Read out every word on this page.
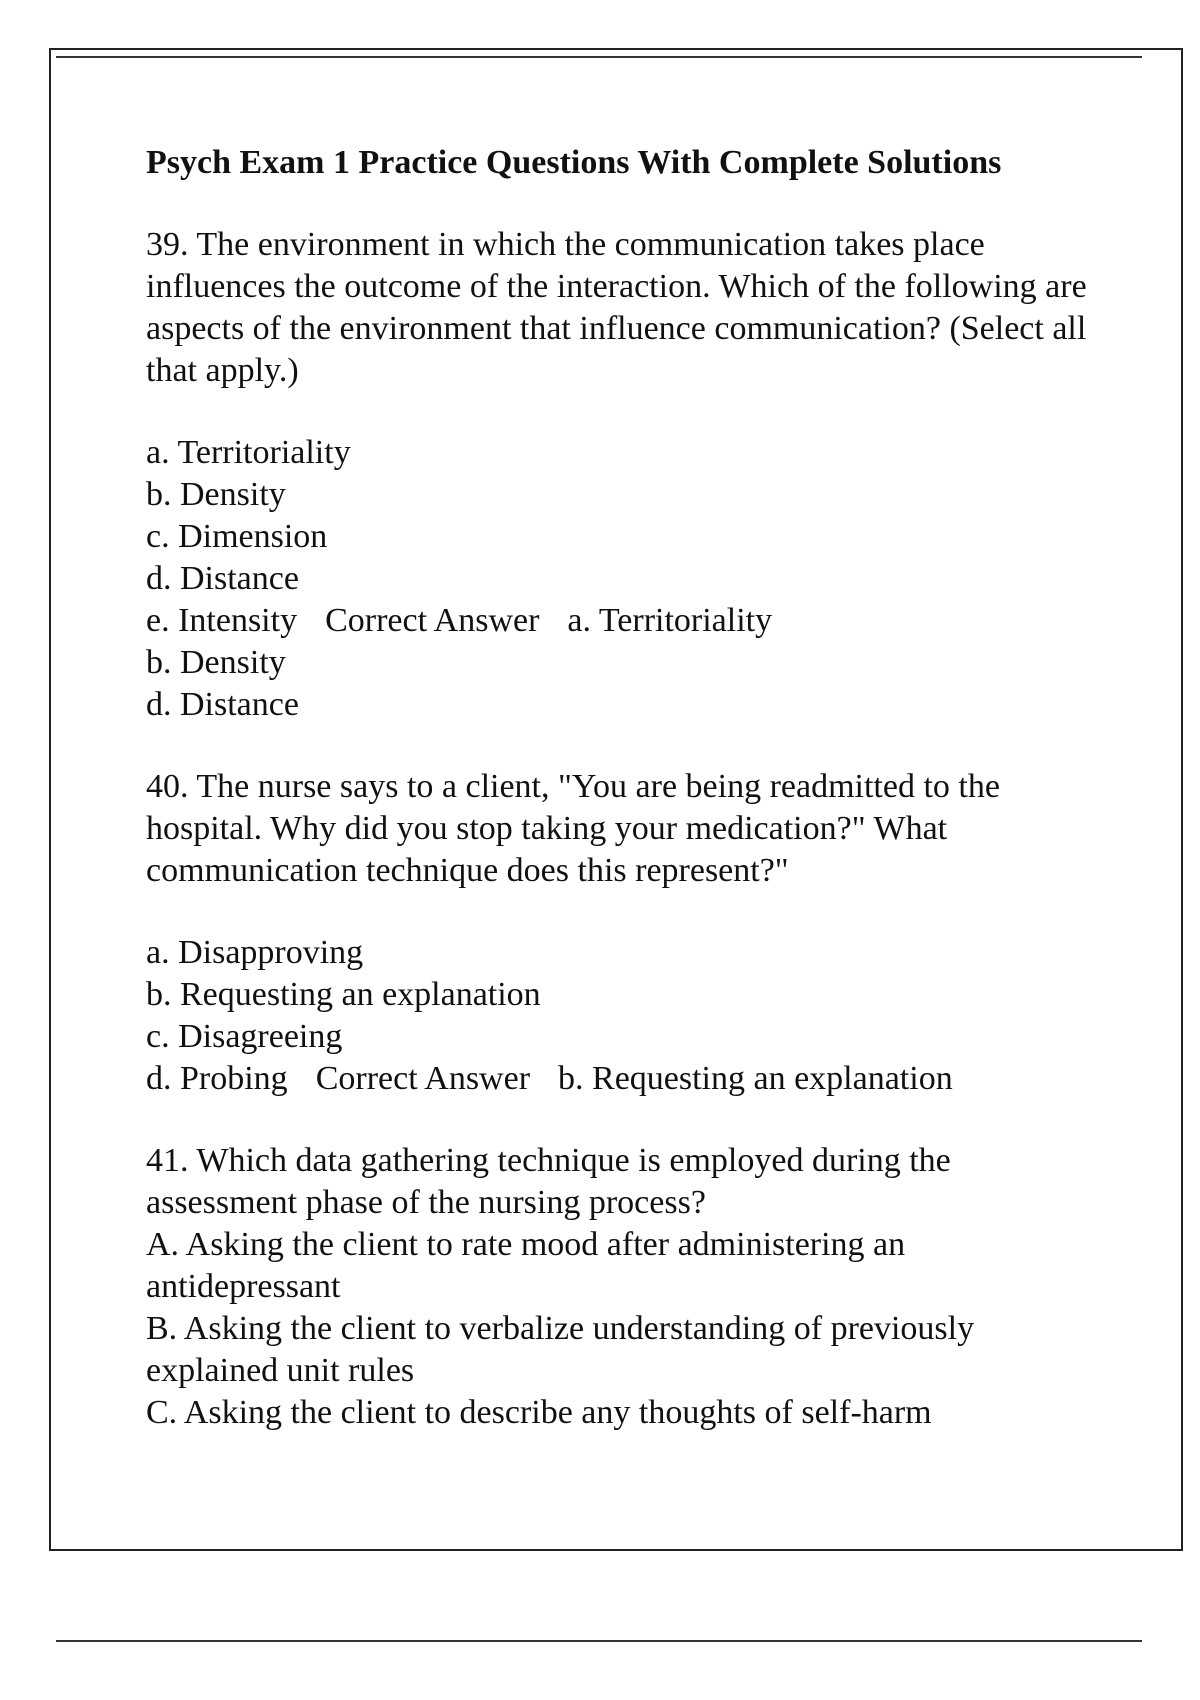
Psych Exam 1 Practice Questions With Complete Solutions

39. The environment in which the communication takes place influences the outcome of the interaction. Which of the following are aspects of the environment that influence communication? (Select all that apply.)

a. Territoriality
b. Density
c. Dimension
d. Distance
e. Intensity Correct Answer a. Territoriality
b. Density
d. Distance

40. The nurse says to a client, "You are being readmitted to the hospital. Why did you stop taking your medication?" What communication technique does this represent?"

a. Disapproving
b. Requesting an explanation
c. Disagreeing
d. Probing Correct Answer b. Requesting an explanation

41. Which data gathering technique is employed during the assessment phase of the nursing process?

A. Asking the client to rate mood after administering an antidepressant
B. Asking the client to verbalize understanding of previously explained unit rules
C. Asking the client to describe any thoughts of self-harm
